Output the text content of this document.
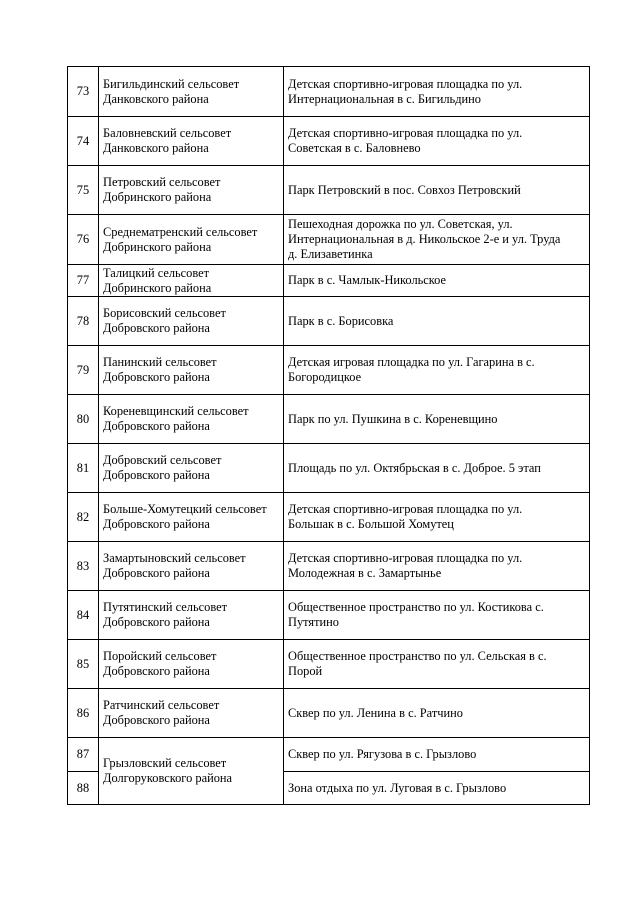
73	Бигильдинский сельсовет
Данковского района	Детская спортивно-игровая площадка по ул.
Интернациональная в с. Бигильдино

74	Баловневский сельсовет
Данковского района	Детская спортивно-игровая площадка по ул.
Советская в с. Баловнево

75	Петровский сельсовет
Добринского района	Парк Петровский в пос. Совхоз Петровский

76	Среднематренский сельсовет
Добринского района	Пешеходная дорожка по ул. Советская, ул.
Интернациональная в д. Никольское 2-е и ул. Труда
д. Елизаветинка

77	Талицкий сельсовет
Добринского района	Парк в с. Чамлык-Никольское

78	Борисовский сельсовет
Добровского района	Парк в с. Борисовка

79	Панинский сельсовет
Добровского района	Детская игровая площадка по ул. Гагарина в с.
Богородицкое

80	Кореневщинский сельсовет
Добровского района	Парк по ул. Пушкина в с. Кореневщино

81	Добровский сельсовет
Добровского района	Площадь по ул. Октябрьская в с. Доброе. 5 этап

82	Больше-Хомутецкий сельсовет
Добровского района	Детская спортивно-игровая площадка по ул.
Большак в с. Большой Хомутец

83	Замартыновский сельсовет
Добровского района	Детская спортивно-игровая площадка по ул.
Молодежная в с. Замартынье

84	Путятинский сельсовет
Добровского района	Общественное пространство по ул. Костикова с.
Путятино

85	Поройский сельсовет
Добровского района	Общественное пространство по ул. Сельская в с.
Порой

86	Ратчинский сельсовет
Добровского района	Сквер по ул. Ленина в с. Ратчино

87	Грызловский сельсовет
Долгоруковского района	Сквер по ул. Рягузова в с. Грызлово

88		Зона отдыха по ул. Луговая в с. Грызлово
